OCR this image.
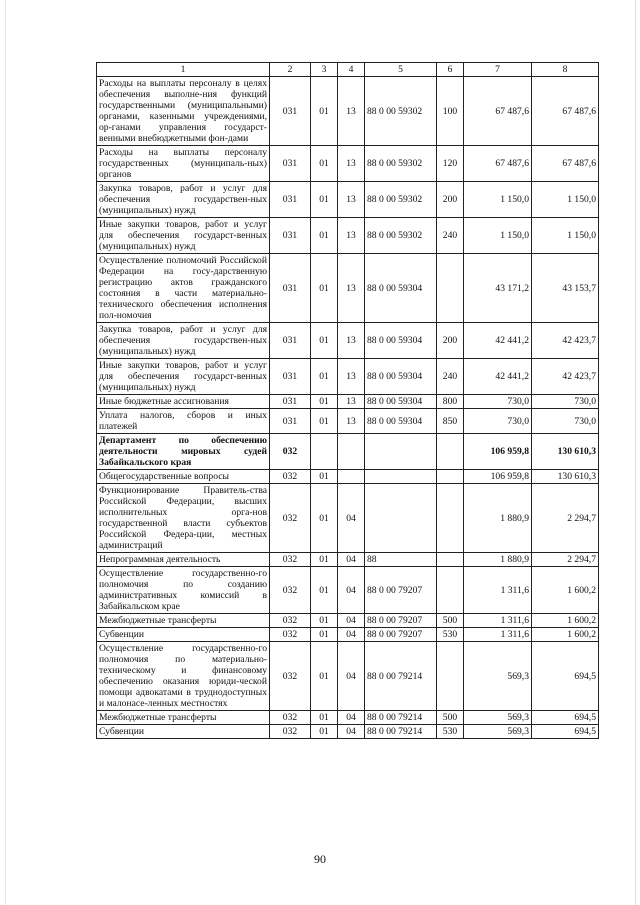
1	2	3	4	5	6	7	8
Расходы на выплаты персоналу в целях обеспечения выполне-ния функций государственными (муниципальными) органами, казенными учреждениями, ор-ганами управления государст-венными внебюджетными фон-дами	031	01	13	88 0 00 59302	100	67 487,6	67 487,6
Расходы на выплаты персоналу государственных (муниципаль-ных) органов	031	01	13	88 0 00 59302	120	67 487,6	67 487,6
Закупка товаров, работ и услуг для обеспечения государствен-ных (муниципальных) нужд	031	01	13	88 0 00 59302	200	1 150,0	1 150,0
Иные закупки товаров, работ и услуг для обеспечения государст-венных (муниципальных) нужд	031	01	13	88 0 00 59302	240	1 150,0	1 150,0
Осуществление полномочий Российской Федерации на госу-дарственную регистрацию актов гражданского состояния в части материально-технического обеспечения исполнения пол-номочия	031	01	13	88 0 00 59304		43 171,2	43 153,7
Закупка товаров, работ и услуг для обеспечения государствен-ных (муниципальных) нужд	031	01	13	88 0 00 59304	200	42 441,2	42 423,7
Иные закупки товаров, работ и услуг для обеспечения государст-венных (муниципальных) нужд	031	01	13	88 0 00 59304	240	42 441,2	42 423,7
Иные бюджетные ассигнования	031	01	13	88 0 00 59304	800	730,0	730,0
Уплата налогов, сборов и иных платежей	031	01	13	88 0 00 59304	850	730,0	730,0
Департамент по обеспечению деятельности мировых судей Забайкальского края	032					106 959,8	130 610,3
Общегосударственные вопросы	032	01				106 959,8	130 610,3
Функционирование Правитель-ства Российской Федерации, высших исполнительных орга-нов государственной власти субъектов Российской Федера-ции, местных администраций	032	01	04			1 880,9	2 294,7
Непрограммная деятельность	032	01	04	88		1 880,9	2 294,7
Осуществление государственно-го полномочия по созданию административных комиссий в Забайкальском крае	032	01	04	88 0 00 79207		1 311,6	1 600,2
Межбюджетные трансферты	032	01	04	88 0 00 79207	500	1 311,6	1 600,2
Субвенции	032	01	04	88 0 00 79207	530	1 311,6	1 600,2
Осуществление государственно-го полномочия по материально-техническому и финансовому обеспечению оказания юриди-ческой помощи адвокатами в труднодоступных и малонасе-ленных местностях	032	01	04	88 0 00 79214		569,3	694,5
Межбюджетные трансферты	032	01	04	88 0 00 79214	500	569,3	694,5
Субвенции	032	01	04	88 0 00 79214	530	569,3	694,5
90
